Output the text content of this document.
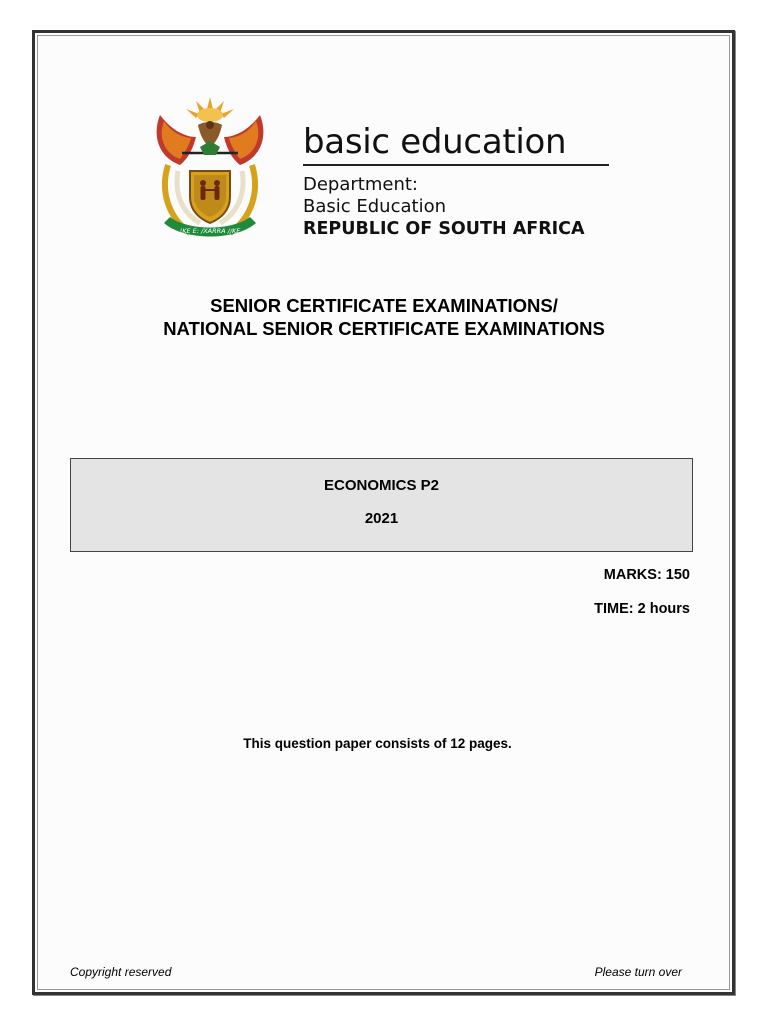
!KE E: /XARRA //KE
basic education
Department:
Basic Education
REPUBLIC OF SOUTH AFRICA
SENIOR CERTIFICATE EXAMINATIONS/
NATIONAL SENIOR CERTIFICATE EXAMINATIONS
ECONOMICS P2
2021
MARKS: 150
TIME: 2 hours
This question paper consists of 12 pages.
Copyright reserved	Please turn over
